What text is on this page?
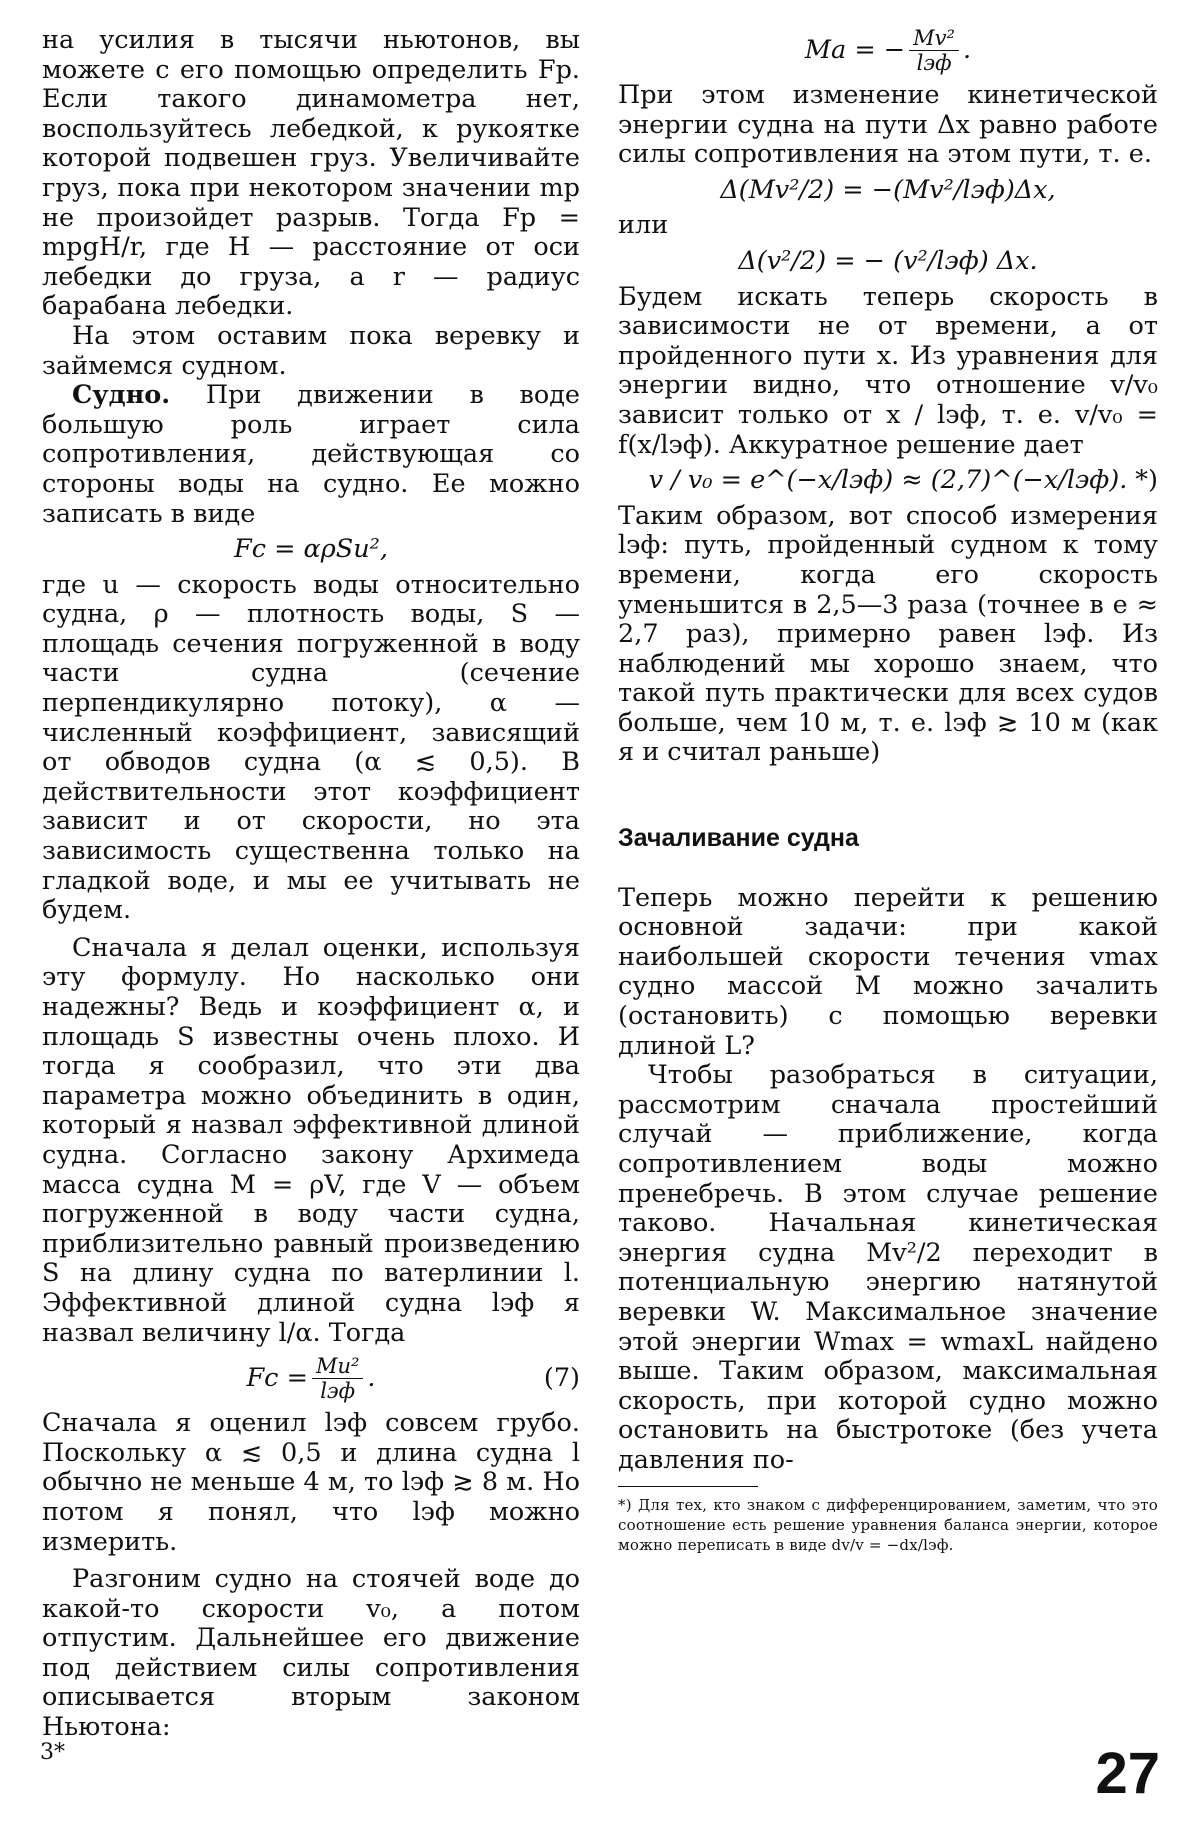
на усилия в тысячи ньютонов, вы можете с его помощью определить Fр. Если такого динамометра нет, воспользуйтесь лебедкой, к рукоятке которой подвешен груз. Увеличивайте груз, пока при некотором значении mр не произойдет разрыв. Тогда Fр = mрgH/r, где H — расстояние от оси лебедки до груза, а r — радиус барабана лебедки.

На этом оставим пока веревку и займемся судном.

Судно. При движении в воде большую роль играет сила сопротивления, действующая со стороны воды на судно. Ее можно записать в виде

Fс = αρSu²,

где u — скорость воды относительно судна, ρ — плотность воды, S — площадь сечения погруженной в воду части судна (сечение перпендикулярно потоку), α — численный коэффициент, зависящий от обводов судна (α ≲ 0,5). В действительности этот коэффициент зависит и от скорости, но эта зависимость существенна только на гладкой воде, и мы ее учитывать не будем.

Сначала я делал оценки, используя эту формулу. Но насколько они надежны? Ведь и коэффициент α, и площадь S известны очень плохо. И тогда я сообразил, что эти два параметра можно объединить в один, который я назвал эффективной длиной судна. Согласно закону Архимеда масса судна M = ρV, где V — объем погруженной в воду части судна, приблизительно равный произведению S на длину судна по ватерлинии l. Эффективной длиной судна lэф я назвал величину l/α. Тогда

Fс = $\frac{\text{Mu²}}{\text{lэф}}$ .	(7)

Сначала я оценил lэф совсем грубо. Поскольку α ≲ 0,5 и длина судна l обычно не меньше 4 м, то lэф ≳ 8 м. Но потом я понял, что lэф можно измерить.

Разгоним судно на стоячей воде до какой-то скорости v₀, а потом отпустим. Дальнейшее его движение под действием силы сопротивления описывается вторым законом Ньютона:

Ma = − $\frac{\text{Mv²}}{\text{lэф}}$ .

При этом изменение кинетической энергии судна на пути Δx равно работе силы сопротивления на этом пути, т. е.

Δ(Mv²/2) = −(Mv²/lэф)Δx,

или

Δ(v²/2) = − (v²/lэф) Δx.

Будем искать теперь скорость в зависимости не от времени, а от пройденного пути x. Из уравнения для энергии видно, что отношение v/v₀ зависит только от x / lэф, т. е. v/v₀ = f(x/lэф). Аккуратное решение дает

v / v₀ = e^(−x/lэф) ≈ (2,7)^(−x/lэф). *)

Таким образом, вот способ измерения lэф: путь, пройденный судном к тому времени, когда его скорость уменьшится в 2,5—3 раза (точнее в e ≈ 2,7 раз), примерно равен lэф. Из наблюдений мы хорошо знаем, что такой путь практически для всех судов больше, чем 10 м, т. е. lэф ≳ 10 м (как я и считал раньше)

Зачаливание судна

Теперь можно перейти к решению основной задачи: при какой наибольшей скорости течения vmax судно массой M можно зачалить (остановить) с помощью веревки длиной L?

Чтобы разобраться в ситуации, рассмотрим сначала простейший случай — приближение, когда сопротивлением воды можно пренебречь. В этом случае решение таково. Начальная кинетическая энергия судна Mv²/2 переходит в потенциальную энергию натянутой веревки W. Максимальное значение этой энергии Wmax = wmaxL найдено выше. Таким образом, максимальная скорость, при которой судно можно остановить на быстротоке (без учета давления по-

*) Для тех, кто знаком с дифференцированием, заметим, что это соотношение есть решение уравнения баланса энергии, которое можно переписать в виде dv/v = −dx/lэф.

3*	27
